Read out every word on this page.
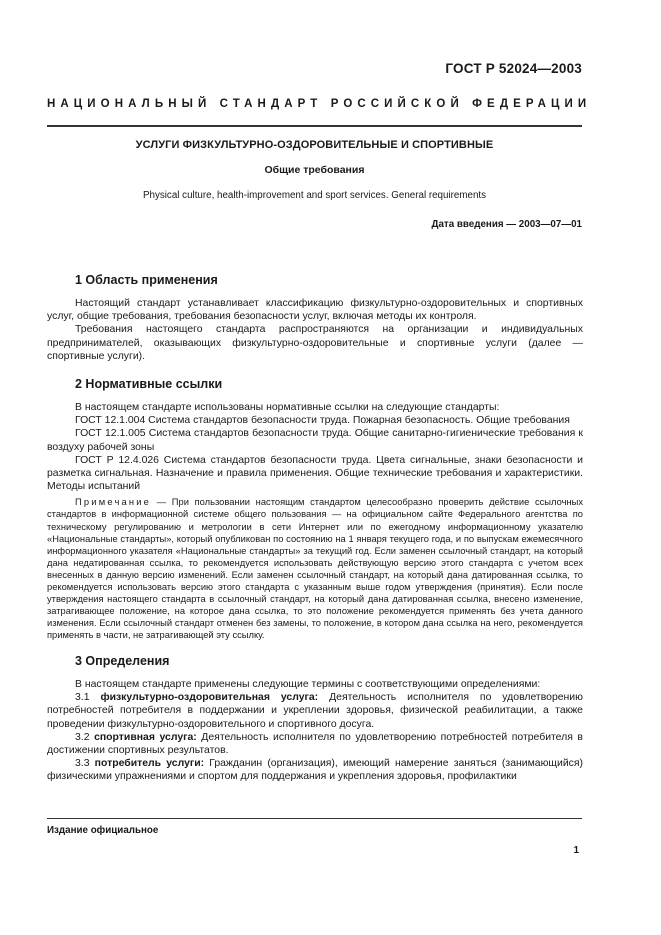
ГОСТ Р 52024—2003
НАЦИОНАЛЬНЫЙ СТАНДАРТ РОССИЙСКОЙ ФЕДЕРАЦИИ
УСЛУГИ ФИЗКУЛЬТУРНО-ОЗДОРОВИТЕЛЬНЫЕ И СПОРТИВНЫЕ
Общие требования
Physical culture, health-improvement and sport services. General requirements
Дата введения — 2003—07—01
1 Область применения

Настоящий стандарт устанавливает классификацию физкультурно-оздоровительных и спортивных услуг, общие требования, требования безопасности услуг, включая методы их контроля.

Требования настоящего стандарта распространяются на организации и индивидуальных предпринимателей, оказывающих физкультурно-оздоровительные и спортивные услуги (далее — спортивные услуги).

2 Нормативные ссылки

В настоящем стандарте использованы нормативные ссылки на следующие стандарты:

ГОСТ 12.1.004 Система стандартов безопасности труда. Пожарная безопасность. Общие требования

ГОСТ 12.1.005 Система стандартов безопасности труда. Общие санитарно-гигиенические требования к воздуху рабочей зоны

ГОСТ Р 12.4.026 Система стандартов безопасности труда. Цвета сигнальные, знаки безопасности и разметка сигнальная. Назначение и правила применения. Общие технические требования и характеристики. Методы испытаний

Примечание — При пользовании настоящим стандартом целесообразно проверить действие ссылочных стандартов в информационной системе общего пользования — на официальном сайте Федерального агентства по техническому регулированию и метрологии в сети Интернет или по ежегодному информационному указателю «Национальные стандарты», который опубликован по состоянию на 1 января текущего года, и по выпускам ежемесячного информационного указателя «Национальные стандарты» за текущий год. Если заменен ссылочный стандарт, на который дана недатированная ссылка, то рекомендуется использовать действующую версию этого стандарта с учетом всех внесенных в данную версию изменений. Если заменен ссылочный стандарт, на который дана датированная ссылка, то рекомендуется использовать версию этого стандарта с указанным выше годом утверждения (принятия). Если после утверждения настоящего стандарта в ссылочный стандарт, на который дана датированная ссылка, внесено изменение, затрагивающее положение, на которое дана ссылка, то это положение рекомендуется применять без учета данного изменения. Если ссылочный стандарт отменен без замены, то положение, в котором дана ссылка на него, рекомендуется применять в части, не затрагивающей эту ссылку.

3 Определения

В настоящем стандарте применены следующие термины с соответствующими определениями:

3.1 физкультурно-оздоровительная услуга: Деятельность исполнителя по удовлетворению потребностей потребителя в поддержании и укреплении здоровья, физической реабилитации, а также проведении физкультурно-оздоровительного и спортивного досуга.

3.2 спортивная услуга: Деятельность исполнителя по удовлетворению потребностей потребителя в достижении спортивных результатов.

3.3 потребитель услуги: Гражданин (организация), имеющий намерение заняться (занимающийся) физическими упражнениями и спортом для поддержания и укрепления здоровья, профилактики

Издание официальное
1
